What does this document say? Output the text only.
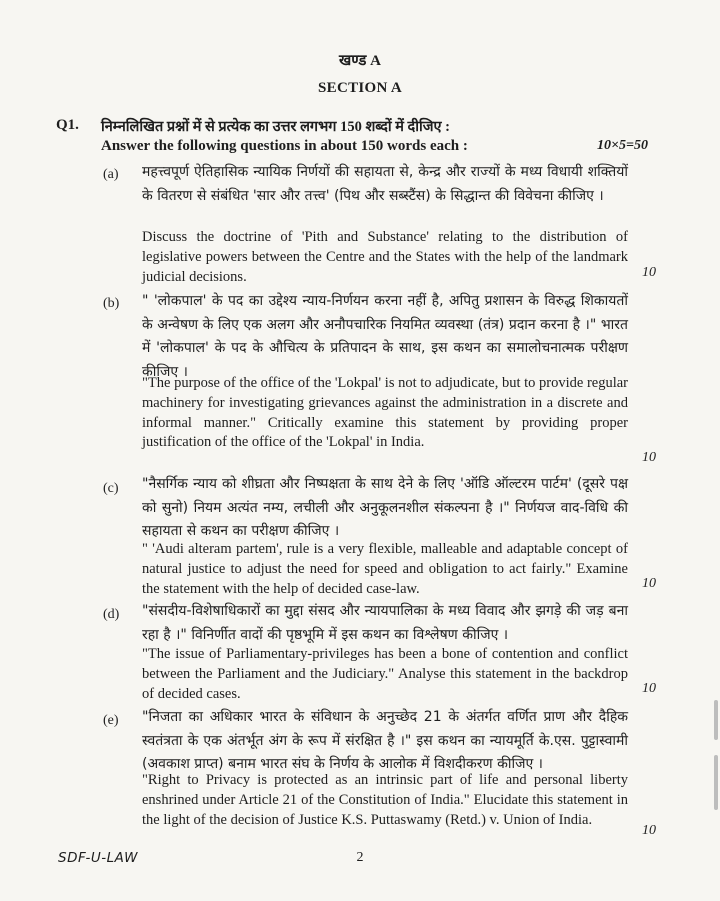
खण्ड A
SECTION A
Q1. निम्नलिखित प्रश्नों में से प्रत्येक का उत्तर लगभग 150 शब्दों में दीजिए :
Answer the following questions in about 150 words each :	10×5=50
(a) महत्त्वपूर्ण ऐतिहासिक न्यायिक निर्णयों की सहायता से, केन्द्र और राज्यों के मध्य विधायी शक्तियों के वितरण से संबंधित 'सार और तत्त्व' (पिथ और सब्स्टैंस) के सिद्धान्त की विवेचना कीजिए ।
Discuss the doctrine of 'Pith and Substance' relating to the distribution of legislative powers between the Centre and the States with the help of the landmark judicial decisions.	10
(b) " 'लोकपाल' के पद का उद्देश्य न्याय-निर्णयन करना नहीं है, अपितु प्रशासन के विरुद्ध शिकायतों के अन्वेषण के लिए एक अलग और अनौपचारिक नियमित व्यवस्था (तंत्र) प्रदान करना है ।" भारत में 'लोकपाल' के पद के औचित्य के प्रतिपादन के साथ, इस कथन का समालोचनात्मक परीक्षण कीजिए ।
"The purpose of the office of the 'Lokpal' is not to adjudicate, but to provide regular machinery for investigating grievances against the administration in a discrete and informal manner." Critically examine this statement by providing proper justification of the office of the 'Lokpal' in India.
10
(c) "नैसर्गिक न्याय को शीघ्रता और निष्पक्षता के साथ देने के लिए 'ऑडि ऑल्टरम पार्टम' (दूसरे पक्ष को सुनो) नियम अत्यंत नम्य, लचीली और अनुकूलनशील संकल्पना है ।" निर्णयज वाद-विधि की सहायता से कथन का परीक्षण कीजिए ।
" 'Audi alteram partem', rule is a very flexible, malleable and adaptable concept of natural justice to adjust the need for speed and obligation to act fairly." Examine the statement with the help of decided case-law.	10
(d) "संसदीय-विशेषाधिकारों का मुद्दा संसद और न्यायपालिका के मध्य विवाद और झगड़े की जड़ बना रहा है ।" विनिर्णीत वादों की पृष्ठभूमि में इस कथन का विश्लेषण कीजिए ।
"The issue of Parliamentary-privileges has been a bone of contention and conflict between the Parliament and the Judiciary." Analyse this statement in the backdrop of decided cases.	10
(e) "निजता का अधिकार भारत के संविधान के अनुच्छेद 21 के अंतर्गत वर्णित प्राण और दैहिक स्वतंत्रता के एक अंतर्भूत अंग के रूप में संरक्षित है ।" इस कथन का न्यायमूर्ति के.एस. पुट्टास्वामी (अवकाश प्राप्त) बनाम भारत संघ के निर्णय के आलोक में विशदीकरण कीजिए ।
"Right to Privacy is protected as an intrinsic part of life and personal liberty enshrined under Article 21 of the Constitution of India." Elucidate this statement in the light of the decision of Justice K.S. Puttaswamy (Retd.) v. Union of India.
10
SDF-U-LAW	2
